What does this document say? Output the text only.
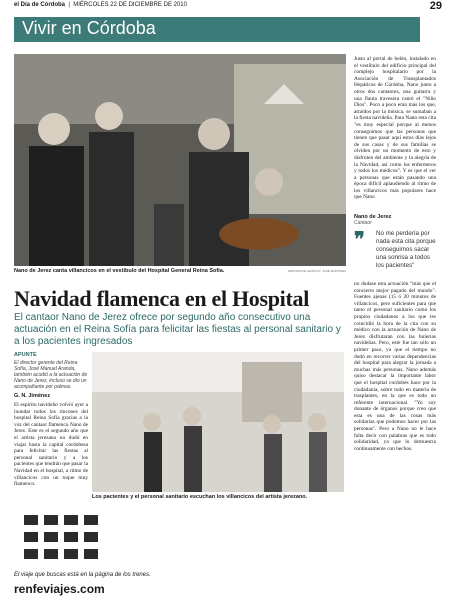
el Día de Córdoba  |  MIÉRCOLES 22 DE DICIEMBRE DE 2010	29
Vivir en Córdoba
Nano de Jerez canta villancicos en el vestíbulo del Hospital General Reina Sofía.	REPORTAJE GRÁFICO: JOSÉ MARTÍNEZ
Justo al portal de belén, instalado en el vestíbulo del edificio principal del complejo hospitalario por la Asociación de Transplantados Hepáticos de Córdoba, Nano junto a otros dos cantaores, una guitarra y una flauta travesera cantó el "Niño Dios". Poco a poco eran más los que, atraídos por la música, se sumaban a la fiesta navideña. Para Nano esta cita "es muy especial porque al menos conseguimos que las personas que tienen que pasar aquí estos días lejos de sus casas y de sus familias se olviden por un momento de esto y disfruten del ambiente y la alegría de la Navidad, así como los enfermeros y todos los médicos". Y es que el ver a personas que están pasando una época difícil aplaudiendo al ritmo de los villancicos más populares hace que Nano
Nano de Jerez
Cantaor
❞ No me perdería por nada esta cita porque conseguimos sacar una sonrisa a todos los pacientes"
Navidad flamenca en el Hospital
El cantaor Nano de Jerez ofrece por segundo año consecutivo una actuación en el Reina Sofía para felicitar las fiestas al personal sanitario y a los pacientes ingresados
no dudase esta actuación "más que el concierto mejor pagado del mundo". Fuentes ajenas (15 ó 20 minutos de villancicos, pero suficientes para que tanto el personal sanitario como los propios ciudadanos a los que les coincidió la hora de la cita con su médico con la actuación de Nano de Jerez disfrutaran con las bulerías navideñas. Pero, este fue tan sólo un primer paso, ya que el tiempo no dudó en recorrer varias dependencias del hospital para alegrar la jornada a muchas más personas. Nano además quiso destacar la importante labor que el hospital cordobés hace por la ciudadanía, sobre todo en materia de trasplantes, en la que es todo un referente internacional. "Yo soy donante de órganos porque creo que esta es una de las cosas más solidarias que podemos hacer por las personas". Pero a Nano no le hace falta decir con palabras que es todo solidaridad, ya que lo demuestra continuamente con hechos.
APUNTE
El director gerente del Reina Sofía, José Manuel Aranda, también acudió a la actuación de Nano de Jerez, incluso se dio un acompañante por palmas.
G. N. Jiménez
El espíritu navideño volvió ayer a inundar todos los rincones del hospital Reina Sofía gracias a la voz del cantaor flamenco Nano de Jerez. Este es el segundo año que el artista jerezano no dudó en viajar hasta la capital cordobesa para felicitar las fiestas al personal sanitario y a los pacientes que tendrán que pasar la Navidad en el hospital, a ritmo de villancicos con un toque muy flamenco.
Los pacientes y el personal sanitario escuchan los villancicos del artista jerezano.
El viaje que buscas está en la página de los trenes.
renfeviajes.com
